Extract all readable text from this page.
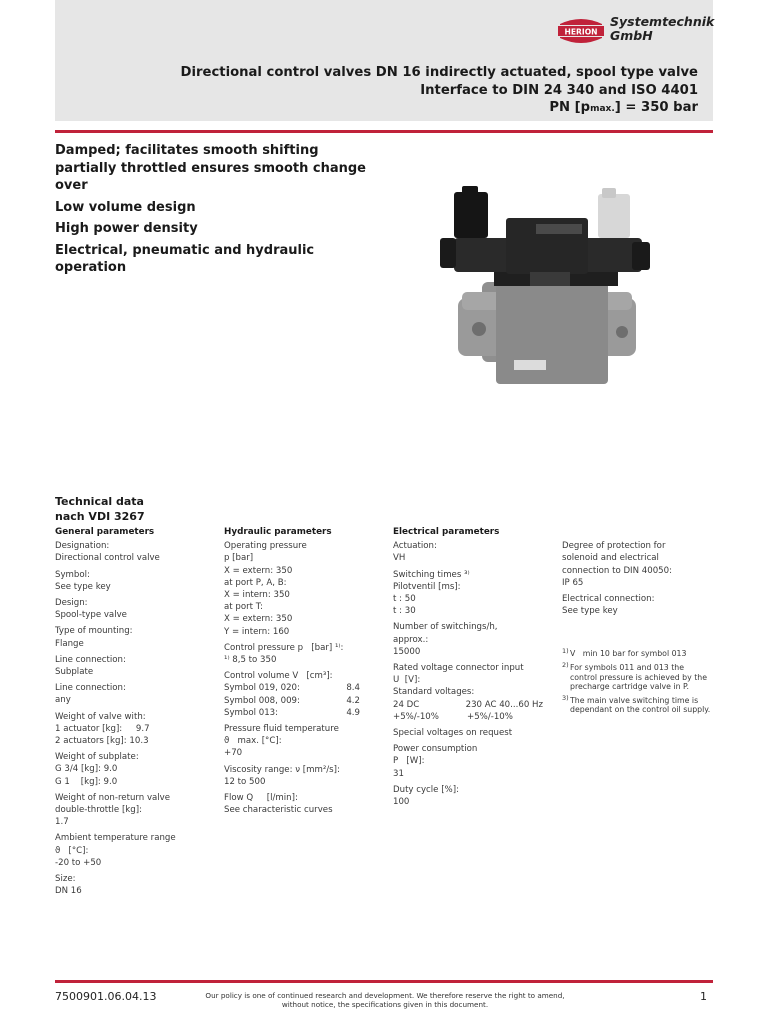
HERION
Systemtechnik
GmbH
Directional control valves DN 16 indirectly actuated, spool type valve
Interface to DIN 24 340 and ISO 4401
PN [pmax.] = 350 bar
Damped; facilitates smooth shifting partially throttled ensures smooth change over
Low volume design
High power density
Electrical, pneumatic and hydraulic operation
Technical data
nach VDI 3267
General parameters
Designation:
Directional control valve
Symbol:
See type key
Design:
Spool-type valve
Type of mounting:
Flange
Line connection:
Subplate
Line connection:
any
Weight of valve with:
1 actuator [kg]: 9.7
2 actuators [kg]: 10.3
Weight of subplate:
G 3/4 [kg]: 9.0
G 1    [kg]: 9.0
Weight of non-return valve
double-throttle [kg]:
1.7
Ambient temperature range
ϑ   [°C]:
-20 to +50
Size:
DN 16
Hydraulic parameters
Operating pressure
p [bar]
X = extern: 350
at port P, A, B:
X = intern: 350
at port T:
X = extern: 350
Y = intern: 160
Control pressure p   [bar] ¹⁾:
¹⁾ 8,5 to 350
Control volume V   [cm³]:
Symbol 019, 020:	8.4
Symbol 008, 009:	4.2
Symbol 013:	4.9
Pressure fluid temperature
ϑ   max. [°C]:
+70
Viscosity range: ν [mm²/s]:
12 to 500
Flow Q     [l/min]:
See characteristic curves
Electrical parameters
Actuation:
VH
Switching times ³⁾
Pilotventil [ms]:
t : 50
t : 30
Number of switchings/h,
approx.:
15000
Rated voltage connector input
U  [V]:
Standard voltages:
24 DC	230 AC 40...60 Hz
+5%/-10%	+5%/-10%
Special voltages on request
Power consumption
P   [W]:
31
Duty cycle [%]:
100
Degree of protection for
solenoid and electrical
connection to DIN 40050:
IP 65
Electrical connection:
See type key
1) V   min 10 bar for symbol 013
2) For symbols 011 and 013 the control pressure is achieved by the precharge cartridge valve in P.
3) The main valve switching time is dependant on the control oil supply.
7500901.06.04.13	Our policy is one of continued research and development. We therefore reserve the right to amend,
without notice, the specifications given in this document.
1
